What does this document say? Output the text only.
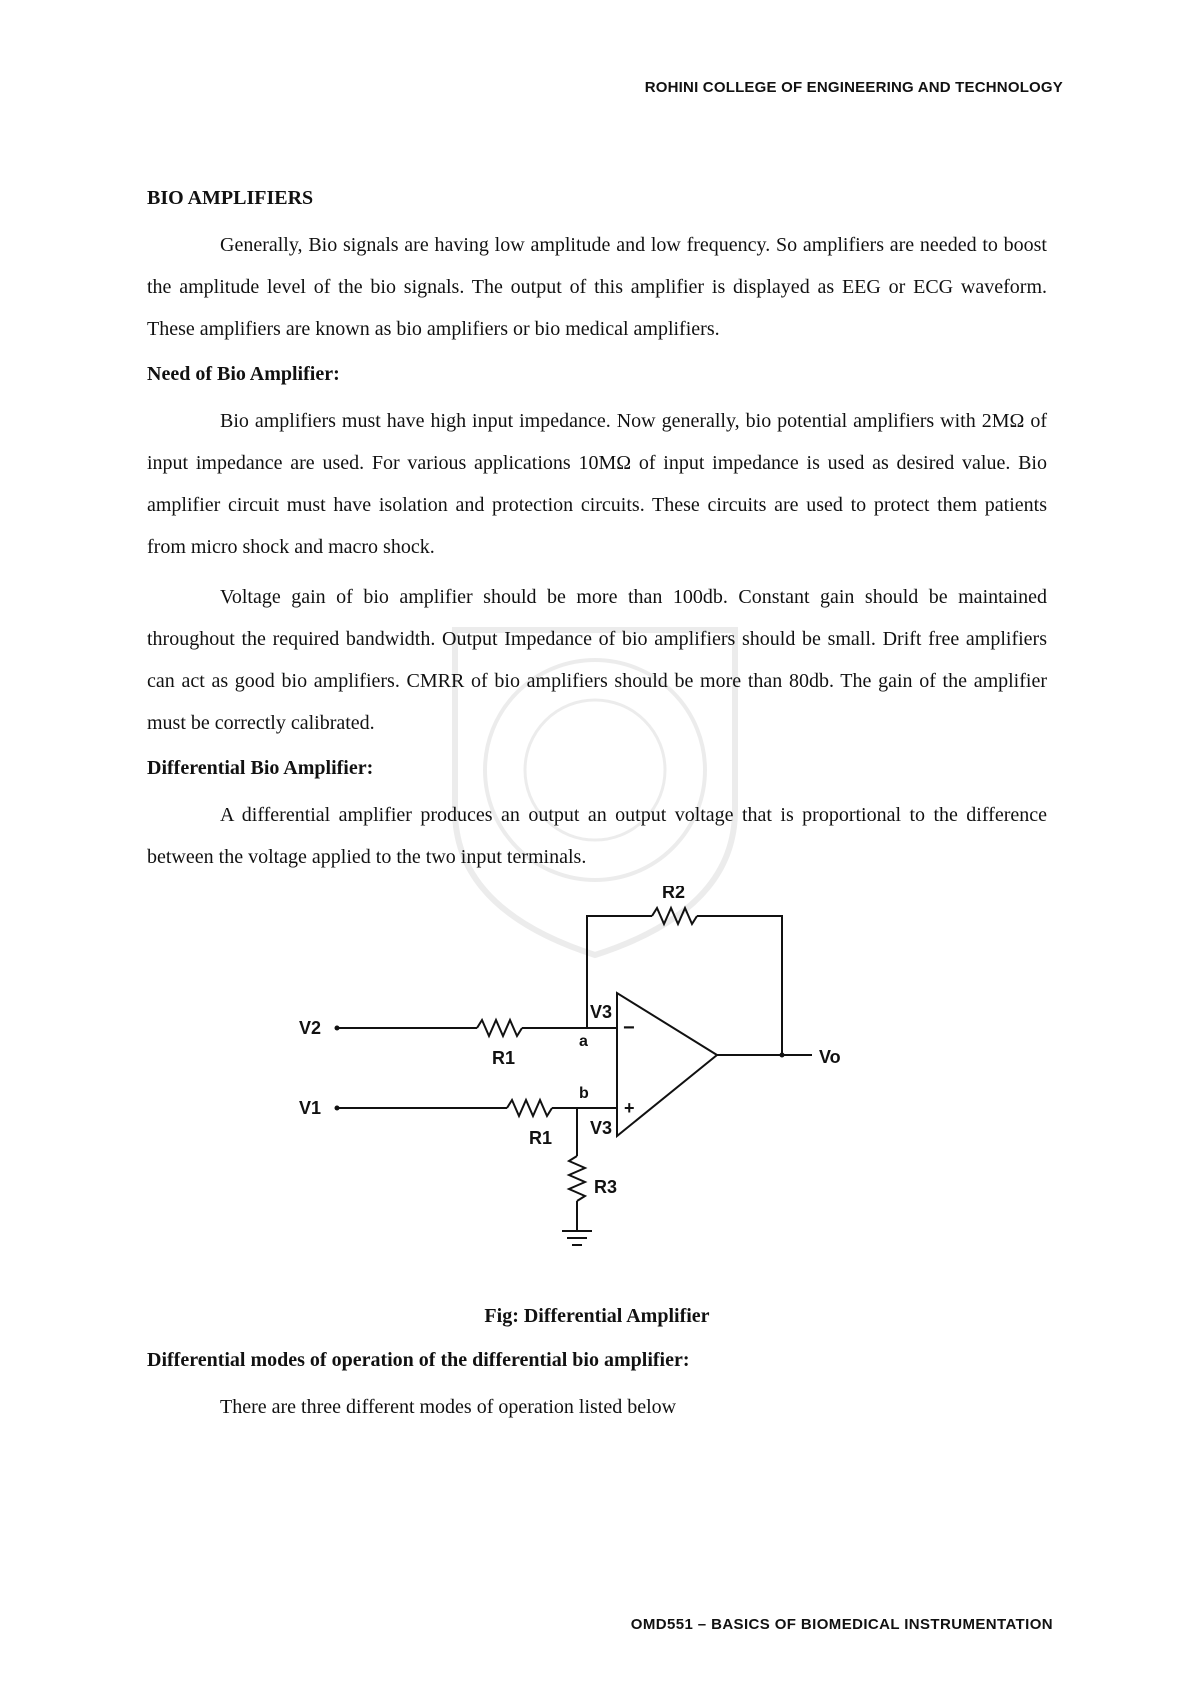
ROHINI COLLEGE OF ENGINEERING AND TECHNOLOGY
BIO AMPLIFIERS

Generally, Bio signals are having low amplitude and low frequency. So amplifiers are needed to boost the amplitude level of the bio signals. The output of this amplifier is displayed as EEG or ECG waveform. These amplifiers are known as bio amplifiers or bio medical amplifiers.

Need of Bio Amplifier:

Bio amplifiers must have high input impedance. Now generally, bio potential amplifiers with 2MΩ of input impedance are used. For various applications 10MΩ of input impedance is used as desired value. Bio amplifier circuit must have isolation and protection circuits. These circuits are used to protect them patients from micro shock and macro shock.

Voltage gain of bio amplifier should be more than 100db. Constant gain should be maintained throughout the required bandwidth. Output Impedance of bio amplifiers should be small. Drift free amplifiers can act as good bio amplifiers. CMRR of bio amplifiers should be more than 80db. The gain of the amplifier must be correctly calibrated.

Differential Bio Amplifier:

A differential amplifier produces an output an output voltage that is proportional to the difference between the voltage applied to the two input terminals.

V2
V1
R1
R1
R2
R3
V3
V3
a
b
Vo
−
+
Fig: Differential Amplifier
Differential modes of operation of the differential bio amplifier:

There are three different modes of operation listed below

OMD551 – BASICS OF BIOMEDICAL INSTRUMENTATION
